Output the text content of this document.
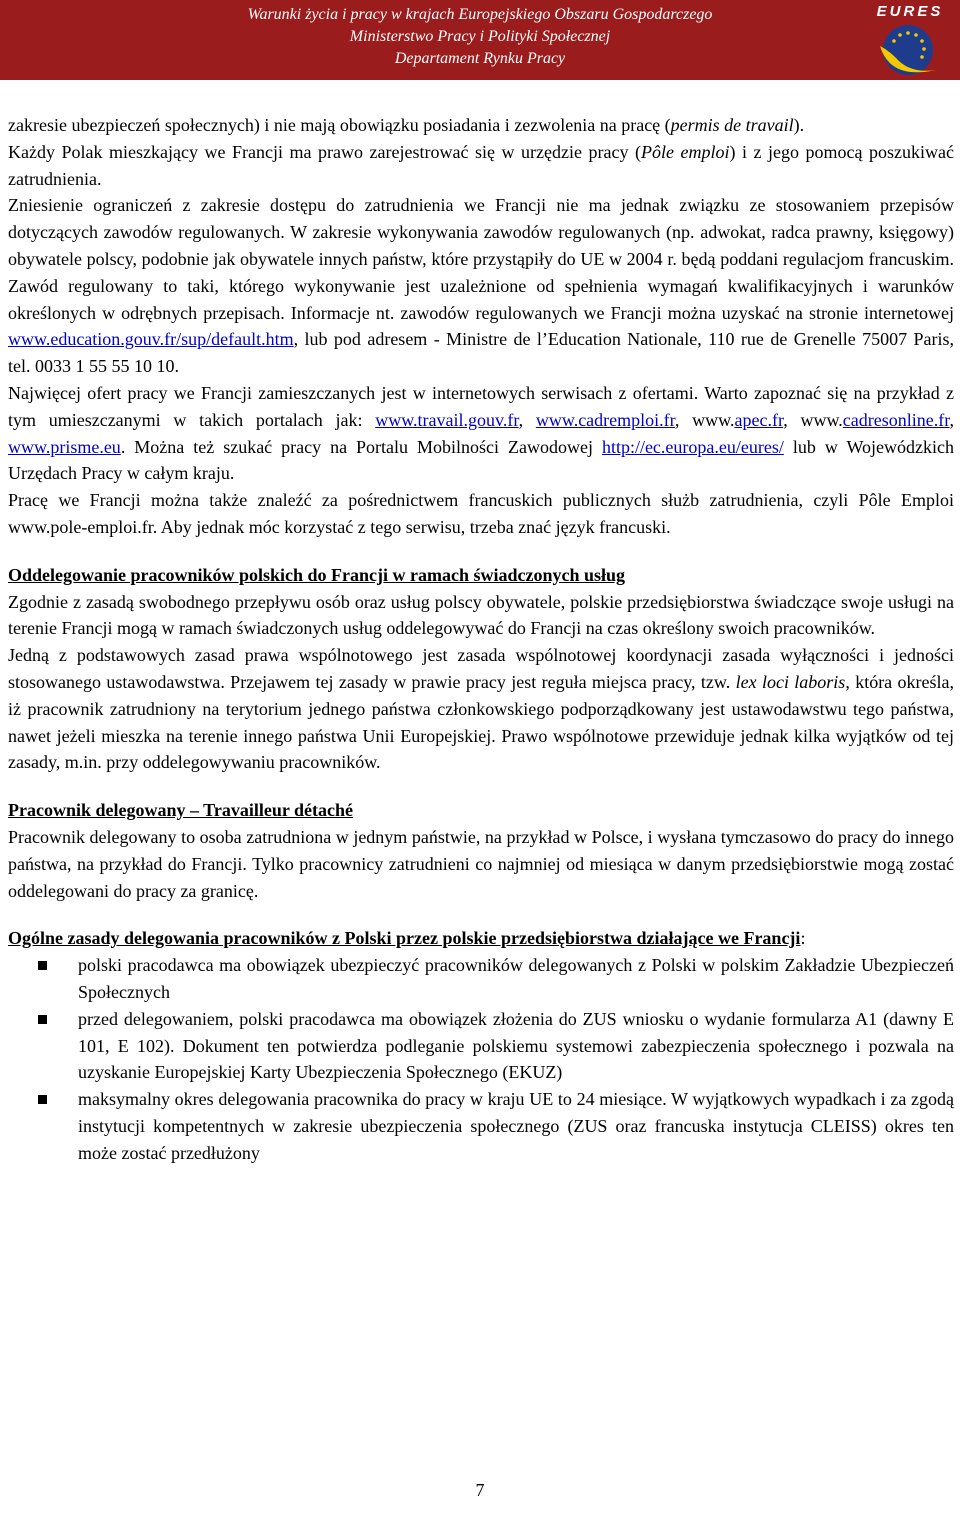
Warunki życia i pracy w krajach Europejskiego Obszaru Gospodarczego
Ministerstwo Pracy i Polityki Społecznej
Departament Rynku Pracy
EURES

zakresie ubezpieczeń społecznych) i nie mają obowiązku posiadania i zezwolenia na pracę (permis de travail).

Każdy Polak mieszkający we Francji ma prawo zarejestrować się w urzędzie pracy (Pôle emploi) i z jego pomocą poszukiwać zatrudnienia.

Zniesienie ograniczeń z zakresie dostępu do zatrudnienia we Francji nie ma jednak związku ze stosowaniem przepisów dotyczących zawodów regulowanych. W zakresie wykonywania zawodów regulowanych (np. adwokat, radca prawny, księgowy) obywatele polscy, podobnie jak obywatele innych państw, które przystąpiły do UE w 2004 r. będą poddani regulacjom francuskim. Zawód regulowany to taki, którego wykonywanie jest uzależnione od spełnienia wymagań kwalifikacyjnych i warunków określonych w odrębnych przepisach. Informacje nt. zawodów regulowanych we Francji można uzyskać na stronie internetowej www.education.gouv.fr/sup/default.htm, lub pod adresem - Ministre de l’Education Nationale, 110 rue de Grenelle 75007 Paris, tel. 0033 1 55 55 10 10.

Najwięcej ofert pracy we Francji zamieszczanych jest w internetowych serwisach z ofertami. Warto zapoznać się na przykład z tym umieszczanymi w takich portalach jak: www.travail.gouv.fr, www.cadremploi.fr, www.apec.fr, www.cadresonline.fr, www.prisme.eu. Można też szukać pracy na Portalu Mobilności Zawodowej http://ec.europa.eu/eures/ lub w Wojewódzkich Urzędach Pracy w całym kraju.

Pracę we Francji można także znaleźć za pośrednictwem francuskich publicznych służb zatrudnienia, czyli Pôle Emploi www.pole-emploi.fr. Aby jednak móc korzystać z tego serwisu, trzeba znać język francuski.

Oddelegowanie pracowników polskich do Francji w ramach świadczonych usług

Zgodnie z zasadą swobodnego przepływu osób oraz usług polscy obywatele, polskie przedsiębiorstwa świadczące swoje usługi na terenie Francji mogą w ramach świadczonych usług oddelegowywać do Francji na czas określony swoich pracowników.

Jedną z podstawowych zasad prawa wspólnotowego jest zasada wspólnotowej koordynacji zasada wyłączności i jedności stosowanego ustawodawstwa. Przejawem tej zasady w prawie pracy jest reguła miejsca pracy, tzw. lex loci laboris, która określa, iż pracownik zatrudniony na terytorium jednego państwa członkowskiego podporządkowany jest ustawodawstwu tego państwa, nawet jeżeli mieszka na terenie innego państwa Unii Europejskiej. Prawo wspólnotowe przewiduje jednak kilka wyjątków od tej zasady, m.in. przy oddelegowywaniu pracowników.

Pracownik delegowany – Travailleur détaché

Pracownik delegowany to osoba zatrudniona w jednym państwie, na przykład w Polsce, i wysłana tymczasowo do pracy do innego państwa, na przykład do Francji. Tylko pracownicy zatrudnieni co najmniej od miesiąca w danym przedsiębiorstwie mogą zostać oddelegowani do pracy za granicę.

Ogólne zasady delegowania pracowników z Polski przez polskie przedsiębiorstwa działające we Francji:

polski pracodawca ma obowiązek ubezpieczyć pracowników delegowanych z Polski w polskim Zakładzie Ubezpieczeń Społecznych
przed delegowaniem, polski pracodawca ma obowiązek złożenia do ZUS wniosku o wydanie formularza A1 (dawny E 101, E 102). Dokument ten potwierdza podleganie polskiemu systemowi zabezpieczenia społecznego i pozwala na uzyskanie Europejskiej Karty Ubezpieczenia Społecznego (EKUZ)
maksymalny okres delegowania pracownika do pracy w kraju UE to 24 miesiące. W wyjątkowych wypadkach i za zgodą instytucji kompetentnych w zakresie ubezpieczenia społecznego (ZUS oraz francuska instytucja CLEISS) okres ten może zostać przedłużony
7
